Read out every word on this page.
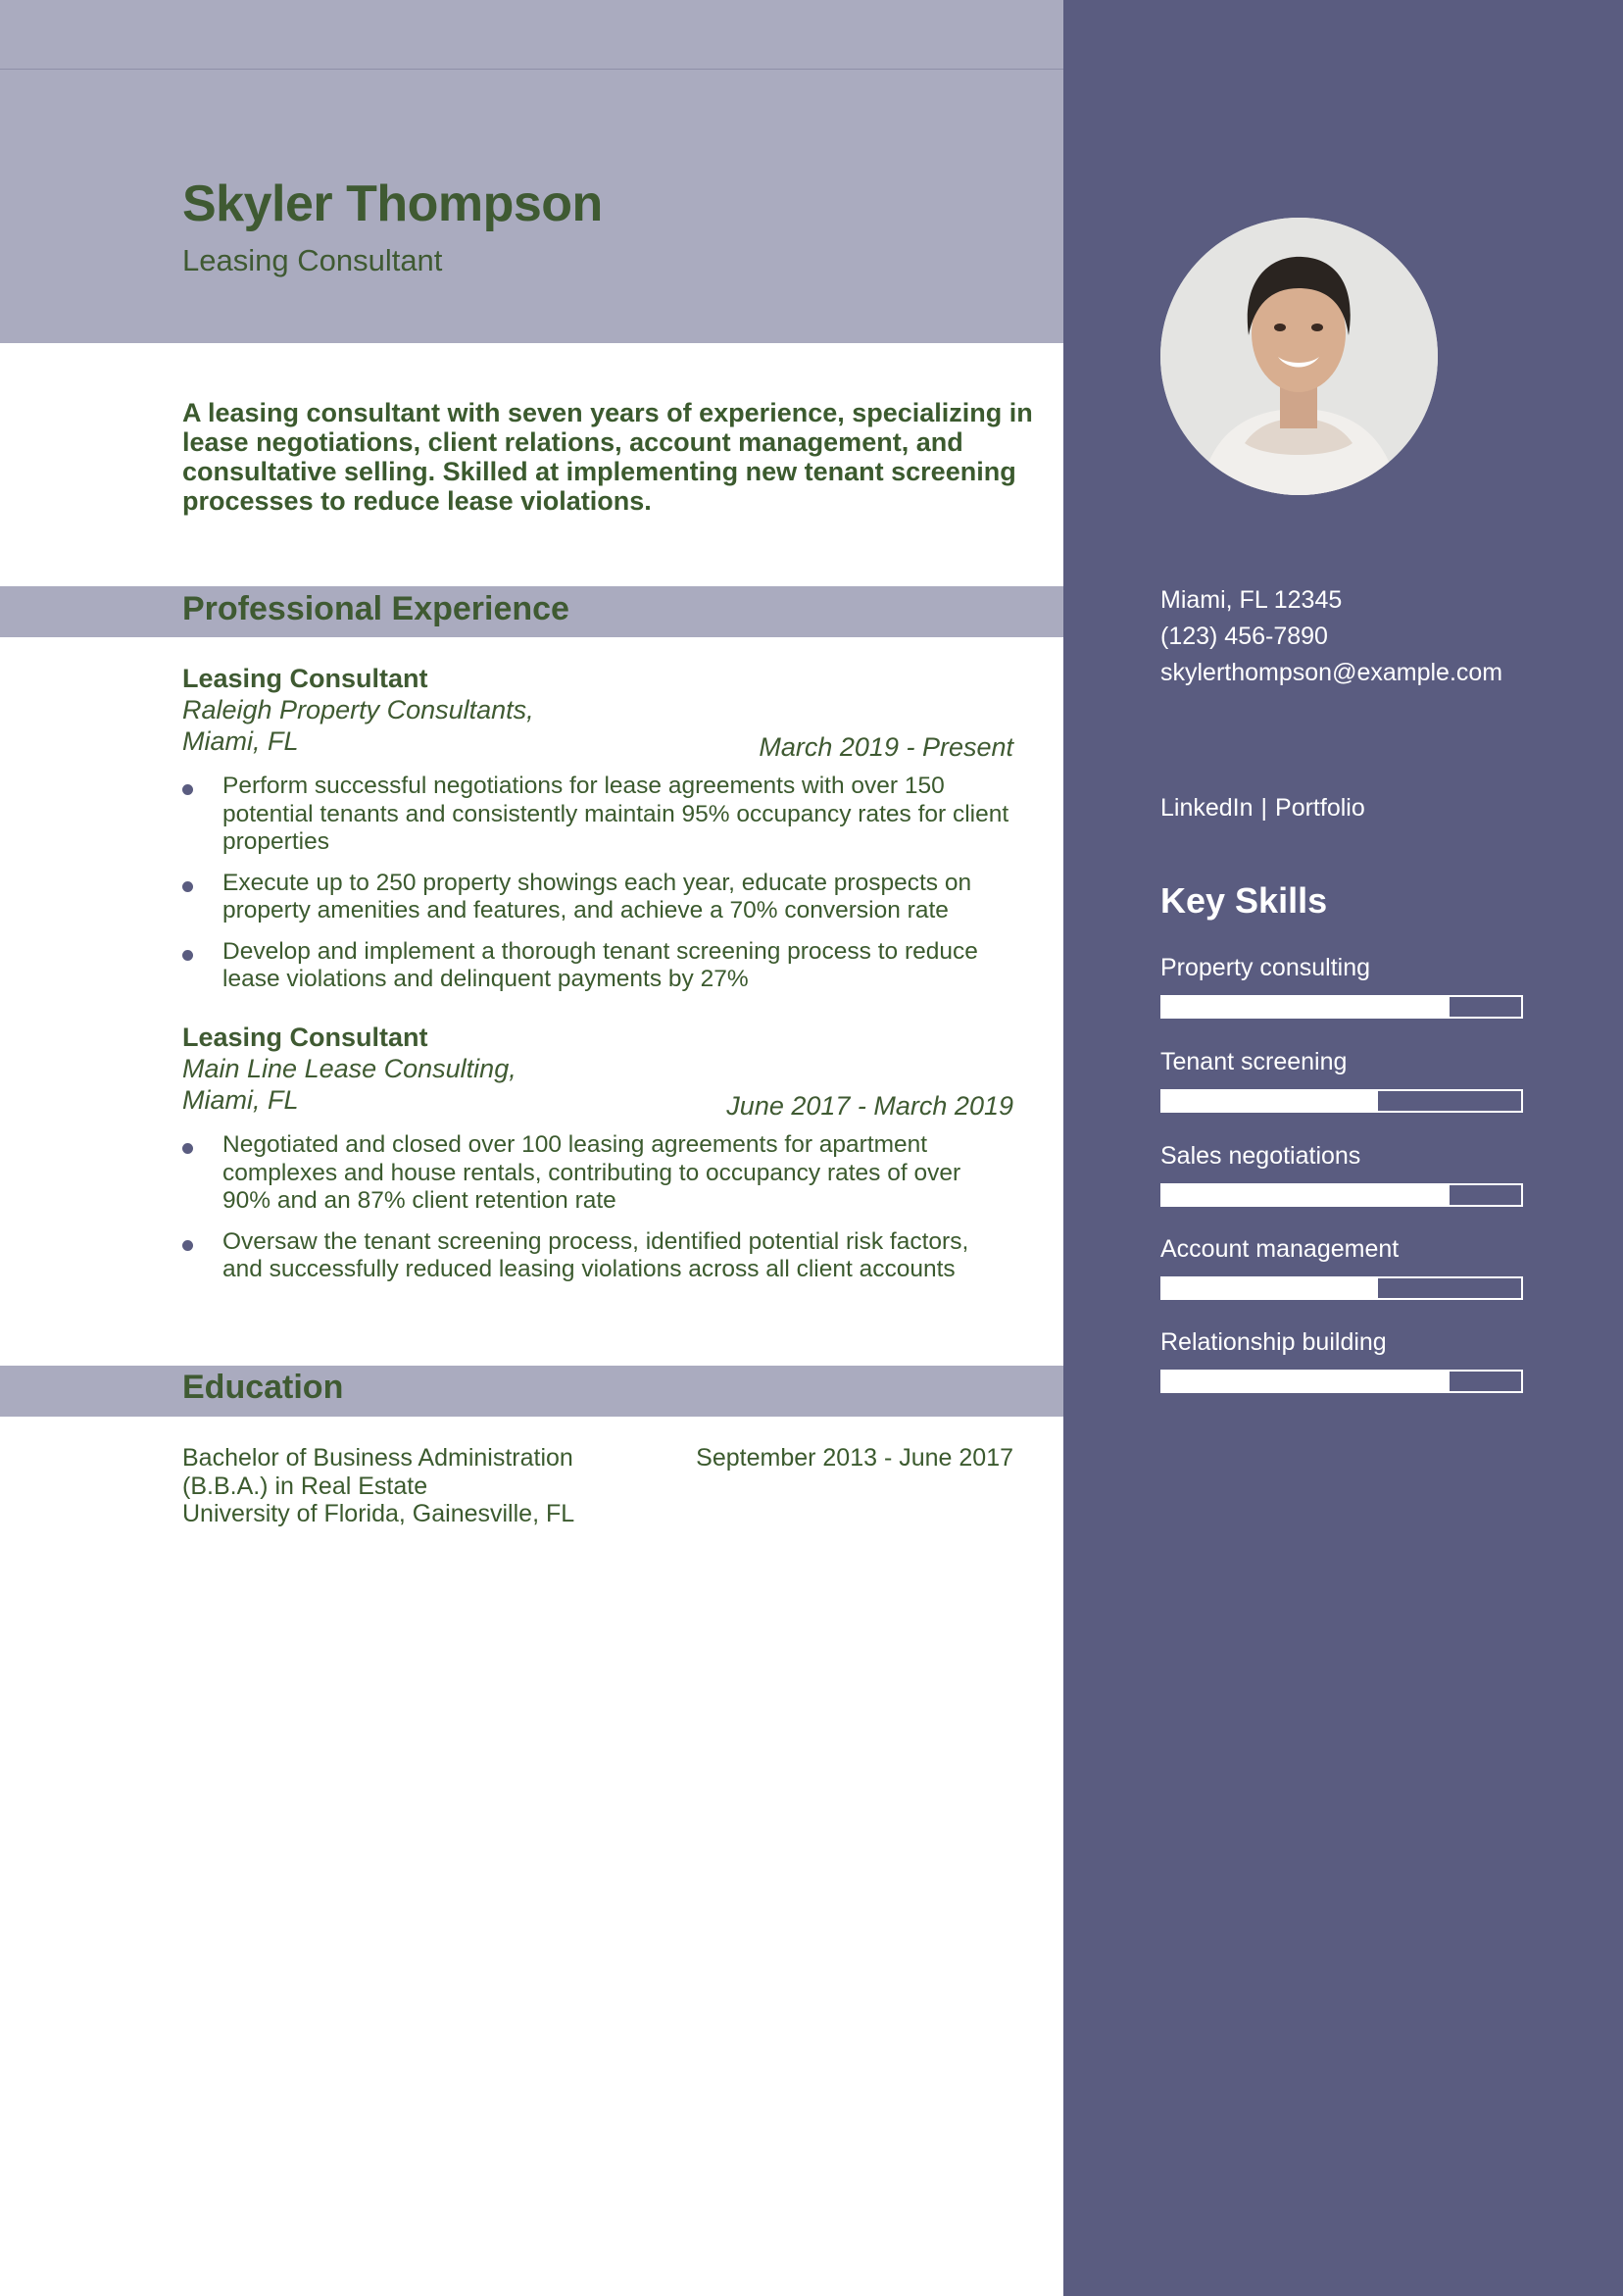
Skyler Thompson

Leasing Consultant

A leasing consultant with seven years of experience, specializing in lease negotiations, client relations, account management, and consultative selling. Skilled at implementing new tenant screening processes to reduce lease violations.

Professional Experience
Leasing Consultant
Raleigh Property Consultants,
Miami, FL	March 2019 - Present
Perform successful negotiations for lease agreements with over 150 potential tenants and consistently maintain 95% occupancy rates for client properties
Execute up to 250 property showings each year, educate prospects on property amenities and features, and achieve a 70% conversion rate
Develop and implement a thorough tenant screening process to reduce lease violations and delinquent payments by 27%
Leasing Consultant
Main Line Lease Consulting,
Miami, FL	June 2017 - March 2019
Negotiated and closed over 100 leasing agreements for apartment complexes and house rentals, contributing to occupancy rates of over 90% and an 87% client retention rate
Oversaw the tenant screening process, identified potential risk factors, and successfully reduced leasing violations across all client accounts
Education

Bachelor of Business Administration (B.B.A.) in Real Estate

University of Florida, Gainesville, FL

September 2013 - June 2017

Miami, FL 12345

(123) 456-7890

skylerthompson@example.com

LinkedIn | Portfolio

Key Skills
Property consulting
Tenant screening
Sales negotiations
Account management
Relationship building
